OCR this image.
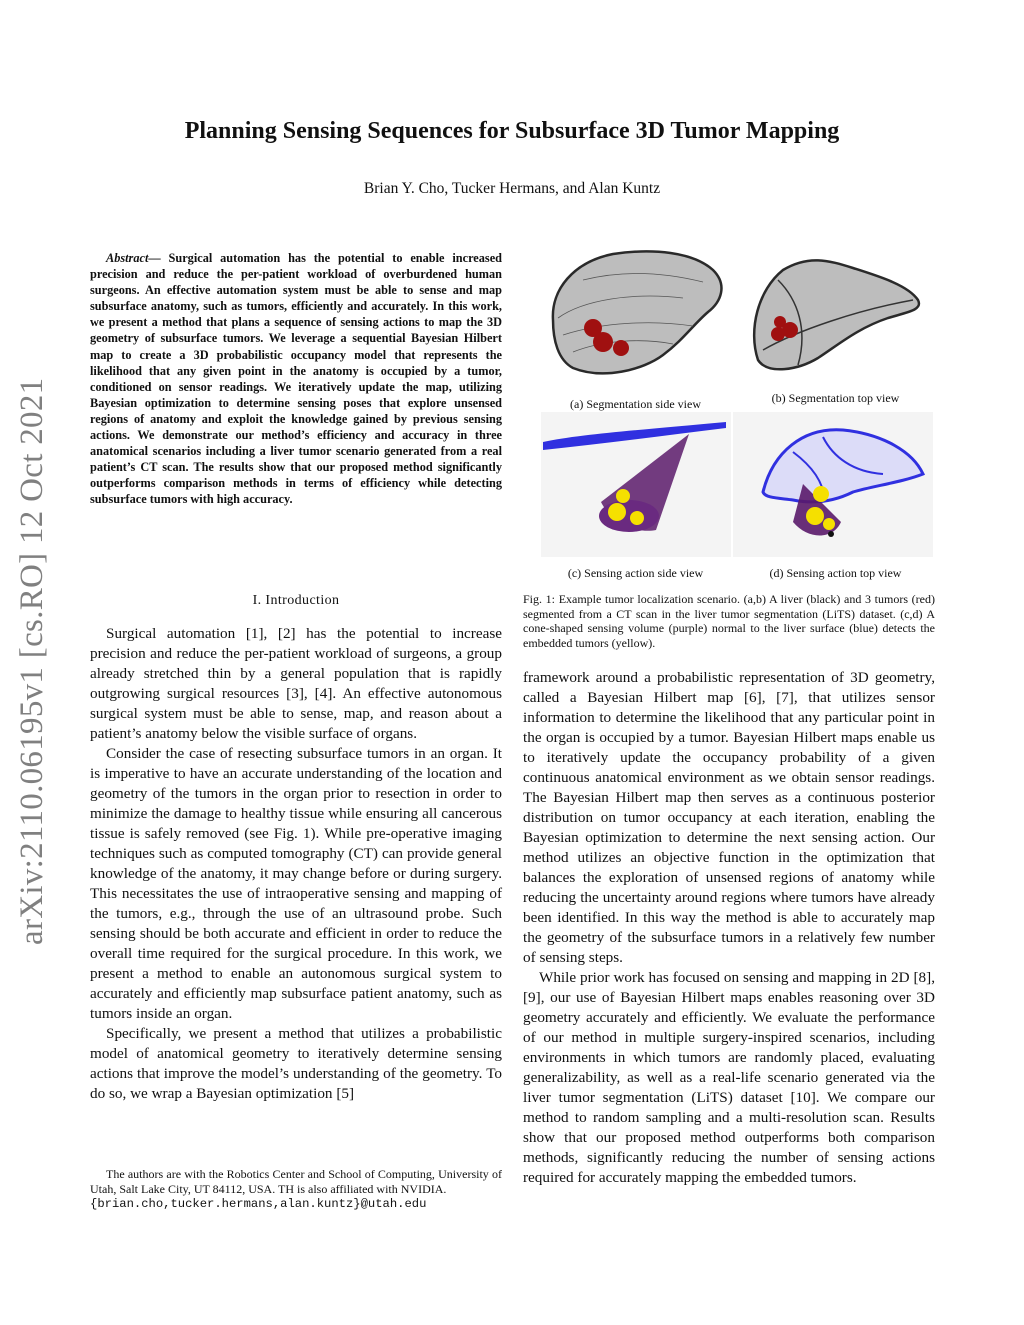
arXiv:2110.06195v1 [cs.RO] 12 Oct 2021
Planning Sensing Sequences for Subsurface 3D Tumor Mapping
Brian Y. Cho, Tucker Hermans, and Alan Kuntz
Abstract— Surgical automation has the potential to enable increased precision and reduce the per-patient workload of overburdened human surgeons. An effective automation system must be able to sense and map subsurface anatomy, such as tumors, efficiently and accurately. In this work, we present a method that plans a sequence of sensing actions to map the 3D geometry of subsurface tumors. We leverage a sequential Bayesian Hilbert map to create a 3D probabilistic occupancy model that represents the likelihood that any given point in the anatomy is occupied by a tumor, conditioned on sensor readings. We iteratively update the map, utilizing Bayesian optimization to determine sensing poses that explore unsensed regions of anatomy and exploit the knowledge gained by previous sensing actions. We demonstrate our method’s efficiency and accuracy in three anatomical scenarios including a liver tumor scenario generated from a real patient’s CT scan. The results show that our proposed method significantly outperforms comparison methods in terms of efficiency while detecting subsurface tumors with high accuracy.
I. Introduction

Surgical automation [1], [2] has the potential to increase precision and reduce the per-patient workload of surgeons, a group already stretched thin by a general population that is rapidly outgrowing surgical resources [3], [4]. An effective autonomous surgical system must be able to sense, map, and reason about a patient’s anatomy below the visible surface of organs.

Consider the case of resecting subsurface tumors in an organ. It is imperative to have an accurate understanding of the location and geometry of the tumors in the organ prior to resection in order to minimize the damage to healthy tissue while ensuring all cancerous tissue is safely removed (see Fig. 1). While pre-operative imaging techniques such as computed tomography (CT) can provide general knowledge of the anatomy, it may change before or during surgery. This necessitates the use of intraoperative sensing and mapping of the tumors, e.g., through the use of an ultrasound probe. Such sensing should be both accurate and efficient in order to reduce the overall time required for the surgical procedure. In this work, we present a method to enable an autonomous surgical system to accurately and efficiently map subsurface patient anatomy, such as tumors inside an organ.

Specifically, we present a method that utilizes a probabilistic model of anatomical geometry to iteratively determine sensing actions that improve the model’s understanding of the geometry. To do so, we wrap a Bayesian optimization [5]

The authors are with the Robotics Center and School of Computing, University of Utah, Salt Lake City, UT 84112, USA. TH is also affiliated with NVIDIA.
{brian.cho,tucker.hermans,alan.kuntz}@utah.edu
(a) Segmentation side view	(b) Segmentation top view
(c) Sensing action side view	(d) Sensing action top view
Fig. 1: Example tumor localization scenario. (a,b) A liver (black) and 3 tumors (red) segmented from a CT scan in the liver tumor segmentation (LiTS) dataset. (c,d) A cone-shaped sensing volume (purple) normal to the liver surface (blue) detects the embedded tumors (yellow).

framework around a probabilistic representation of 3D geometry, called a Bayesian Hilbert map [6], [7], that utilizes sensor information to determine the likelihood that any particular point in the organ is occupied by a tumor. Bayesian Hilbert maps enable us to iteratively update the occupancy probability of a given continuous anatomical environment as we obtain sensor readings. The Bayesian Hilbert map then serves as a continuous posterior distribution on tumor occupancy at each iteration, enabling the Bayesian optimization to determine the next sensing action. Our method utilizes an objective function in the optimization that balances the exploration of unsensed regions of anatomy while reducing the uncertainty around regions where tumors have already been identified. In this way the method is able to accurately map the geometry of the subsurface tumors in a relatively few number of sensing steps.

While prior work has focused on sensing and mapping in 2D [8], [9], our use of Bayesian Hilbert maps enables reasoning over 3D geometry accurately and efficiently. We evaluate the performance of our method in multiple surgery-inspired scenarios, including environments in which tumors are randomly placed, evaluating generalizability, as well as a real-life scenario generated via the liver tumor segmentation (LiTS) dataset [10]. We compare our method to random sampling and a multi-resolution scan. Results show that our proposed method outperforms both comparison methods, significantly reducing the number of sensing actions required for accurately mapping the embedded tumors.
